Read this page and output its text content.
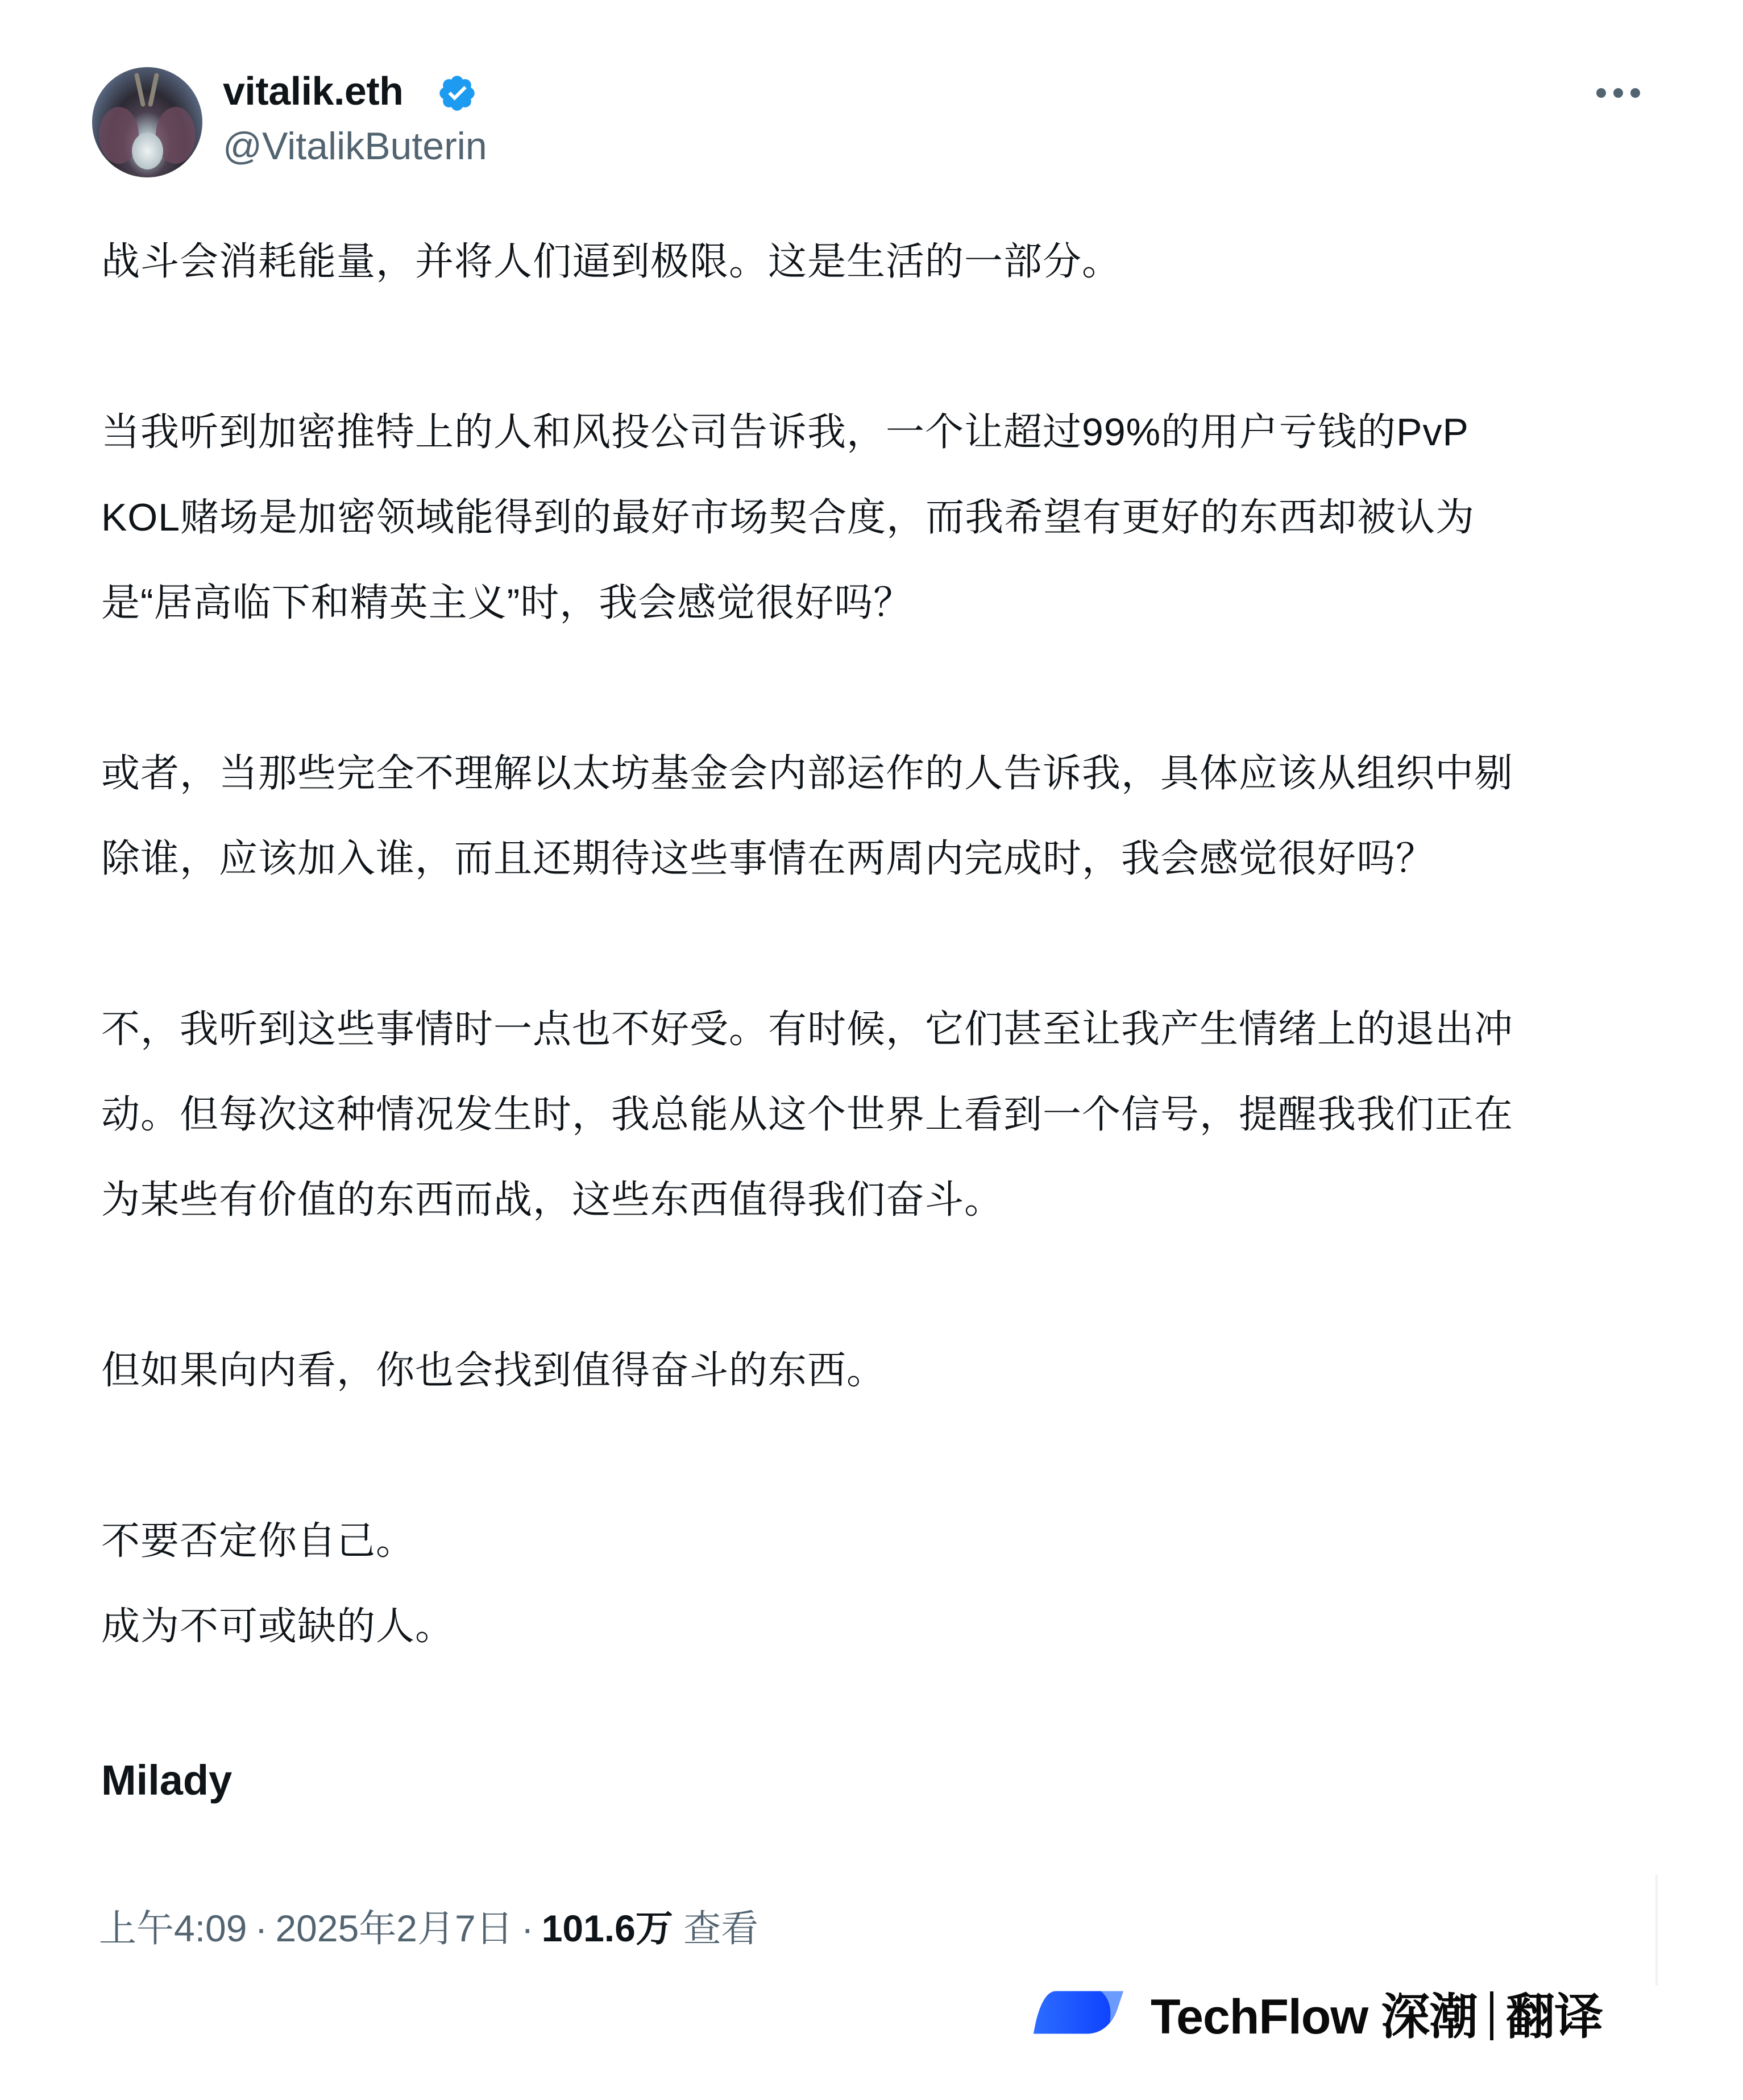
vitalik.eth
@VitalikButerin
战斗会消耗能量，并将人们逼到极限。这是生活的一部分。
当我听到加密推特上的人和风投公司告诉我，一个让超过99%的用户亏钱的PvP
KOL赌场是加密领域能得到的最好市场契合度，而我希望有更好的东西却被认为
是“居高临下和精英主义”时，我会感觉很好吗？
或者，当那些完全不理解以太坊基金会内部运作的人告诉我，具体应该从组织中剔
除谁，应该加入谁，而且还期待这些事情在两周内完成时，我会感觉很好吗？
不，我听到这些事情时一点也不好受。有时候，它们甚至让我产生情绪上的退出冲
动。但每次这种情况发生时，我总能从这个世界上看到一个信号，提醒我我们正在
为某些有价值的东西而战，这些东西值得我们奋斗。
但如果向内看，你也会找到值得奋斗的东西。
不要否定你自己。
成为不可或缺的人。
Milady
上午4:09 · 2025年2月7日 · 101.6万 查看
TechFlow 深潮 翻译
